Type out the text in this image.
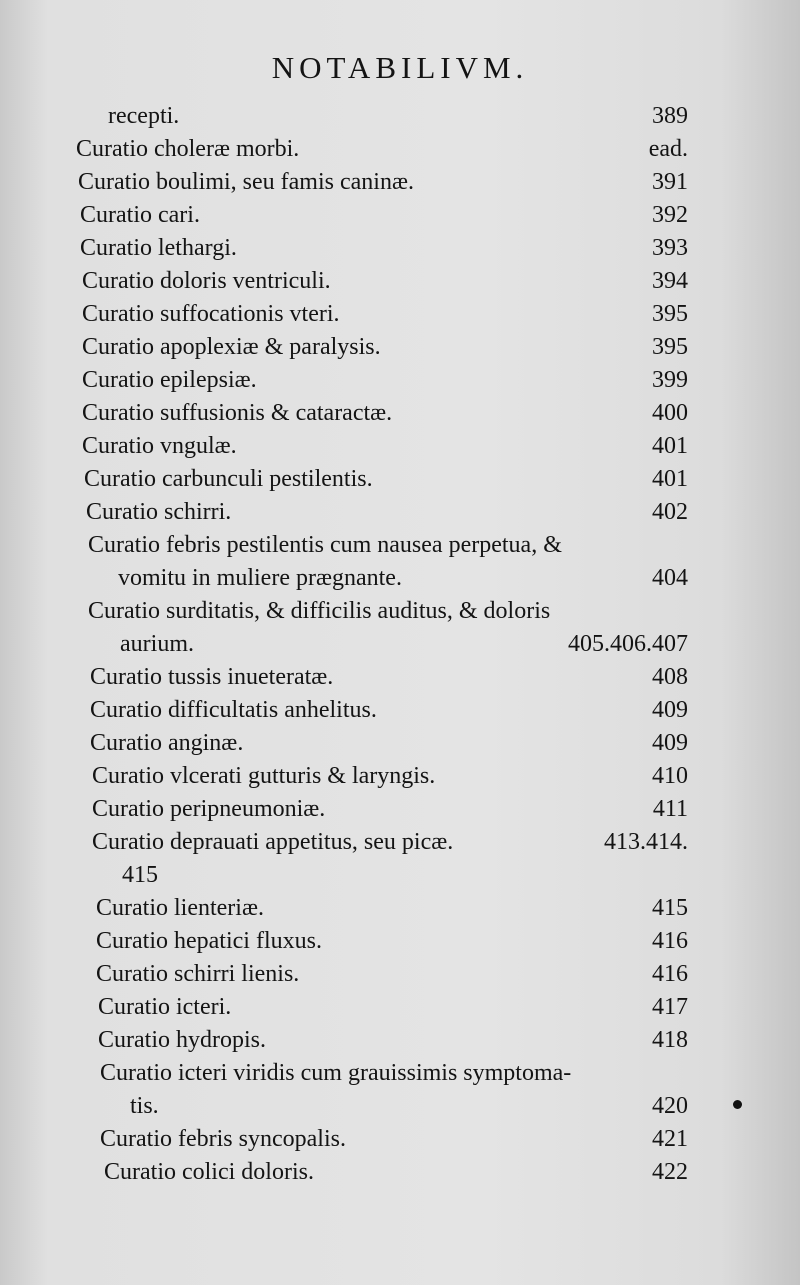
NOTABILIVM.
recepti.	389
Curatio choleræ morbi.	ead.
Curatio boulimi, seu famis caninæ.	391
Curatio cari.	392
Curatio lethargi.	393
Curatio doloris ventriculi.	394
Curatio suffocationis vteri.	395
Curatio apoplexiæ & paralysis.	395
Curatio epilepsiæ.	399
Curatio suffusionis & cataractæ.	400
Curatio vngulæ.	401
Curatio carbunculi pestilentis.	401
Curatio schirri.	402
Curatio febris pestilentis cum nausea perpetua, &
vomitu in muliere prægnante.	404
Curatio surditatis, & difficilis auditus, & doloris
aurium.	405.406.407
Curatio tussis inueteratæ.	408
Curatio difficultatis anhelitus.	409
Curatio anginæ.	409
Curatio vlcerati gutturis & laryngis.	410
Curatio peripneumoniæ.	411
Curatio deprauati appetitus, seu picæ.	413.414.
415
Curatio lienteriæ.	415
Curatio hepatici fluxus.	416
Curatio schirri lienis.	416
Curatio icteri.	417
Curatio hydropis.	418
Curatio icteri viridis cum grauissimis symptoma-
tis.	420
Curatio febris syncopalis.	421
Curatio colici doloris.	422
